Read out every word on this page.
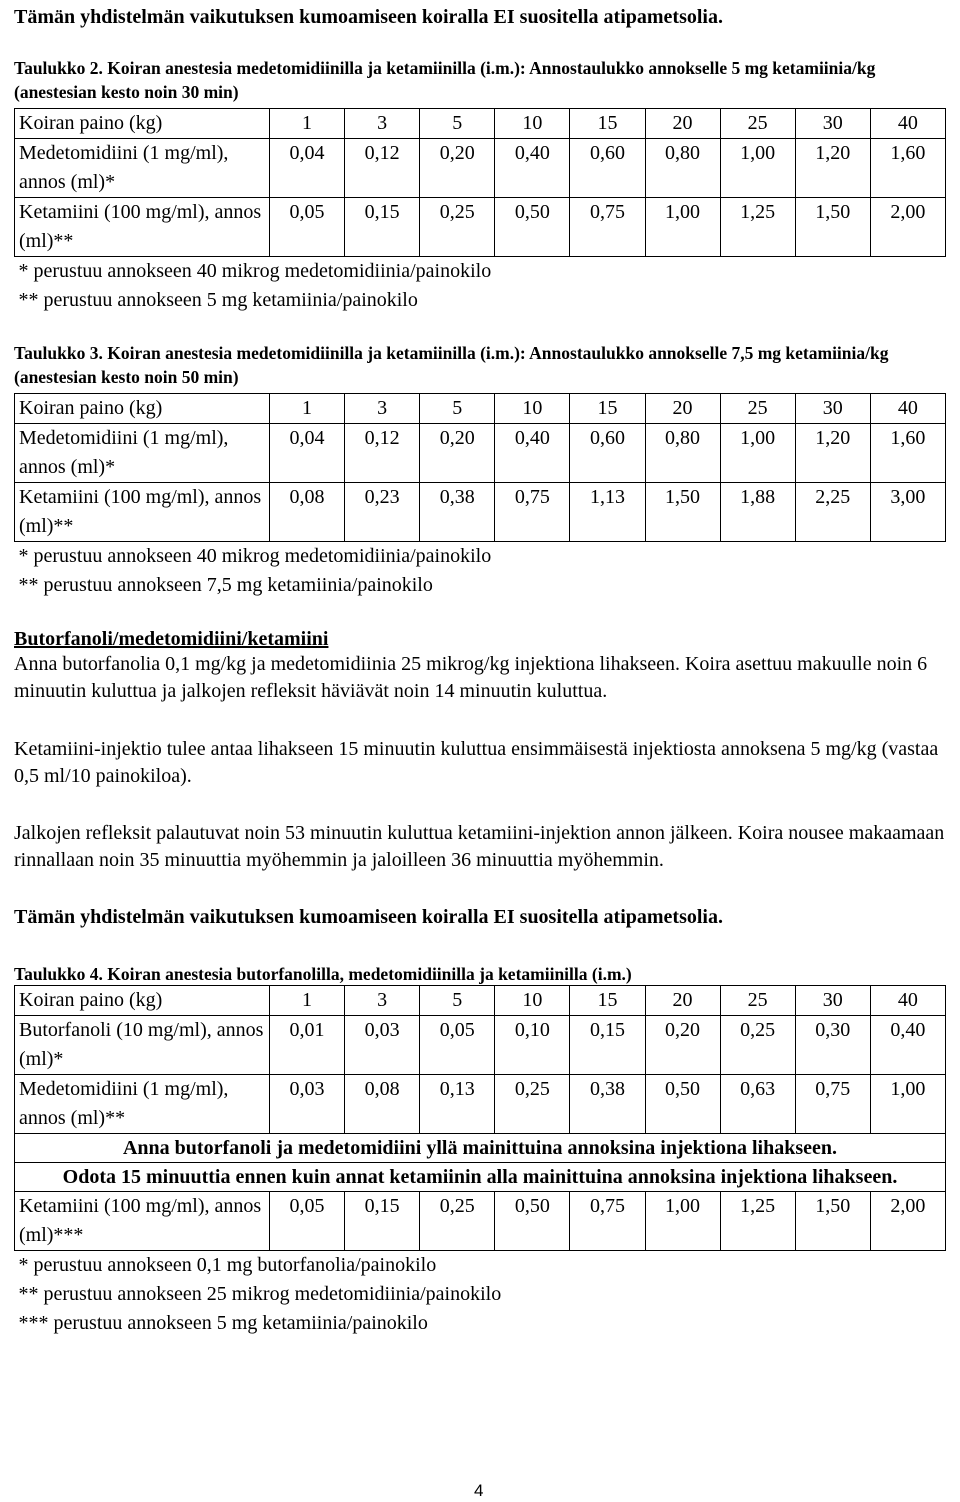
Tämän yhdistelmän vaikutuksen kumoamiseen koiralla EI suositella atipametsolia.
Taulukko 2. Koiran anestesia medetomidiinilla ja ketamiinilla (i.m.): Annostaulukko annokselle 5 mg ketamiinia/kg (anestesian kesto noin 30 min)
Koiran paino (kg)	1	3	5	10	15	20	25	30	40
Medetomidiini (1 mg/ml), annos (ml)*	0,04	0,12	0,20	0,40	0,60	0,80	1,00	1,20	1,60
Ketamiini (100 mg/ml), annos (ml)**	0,05	0,15	0,25	0,50	0,75	1,00	1,25	1,50	2,00

* perustuu annokseen 40 mikrog medetomidiinia/painokilo
** perustuu annokseen 5 mg ketamiinia/painokilo									
Taulukko 3. Koiran anestesia medetomidiinilla ja ketamiinilla (i.m.): Annostaulukko annokselle 7,5 mg ketamiinia/kg (anestesian kesto noin 50 min)
Koiran paino (kg)	1	3	5	10	15	20	25	30	40
Medetomidiini (1 mg/ml), annos (ml)*	0,04	0,12	0,20	0,40	0,60	0,80	1,00	1,20	1,60
Ketamiini (100 mg/ml), annos (ml)**	0,08	0,23	0,38	0,75	1,13	1,50	1,88	2,25	3,00

* perustuu annokseen 40 mikrog medetomidiinia/painokilo
** perustuu annokseen 7,5 mg ketamiinia/painokilo									
Butorfanoli/medetomidiini/ketamiini
Anna butorfanolia 0,1 mg/kg ja medetomidiinia 25 mikrog/kg injektiona lihakseen. Koira asettuu makuulle noin 6 minuutin kuluttua ja jalkojen refleksit häviävät noin 14 minuutin kuluttua.
Ketamiini-injektio tulee antaa lihakseen 15 minuutin kuluttua ensimmäisestä injektiosta annoksena 5 mg/kg (vastaa 0,5 ml/10 painokiloa).
Jalkojen refleksit palautuvat noin 53 minuutin kuluttua ketamiini-injektion annon jälkeen. Koira nousee makaamaan rinnallaan noin 35 minuuttia myöhemmin ja jaloilleen 36 minuuttia myöhemmin.
Tämän yhdistelmän vaikutuksen kumoamiseen koiralla EI suositella atipametsolia.
Taulukko 4. Koiran anestesia butorfanolilla, medetomidiinilla ja ketamiinilla (i.m.)
Koiran paino (kg)	1	3	5	10	15	20	25	30	40
Butorfanoli (10 mg/ml), annos (ml)*	0,01	0,03	0,05	0,10	0,15	0,20	0,25	0,30	0,40
Medetomidiini (1 mg/ml), annos (ml)**	0,03	0,08	0,13	0,25	0,38	0,50	0,63	0,75	1,00
Anna butorfanoli ja medetomidiini yllä mainittuina annoksina injektiona lihakseen.									
Odota 15 minuuttia ennen kuin annat ketamiinin alla mainittuina annoksina injektiona lihakseen.									
Ketamiini (100 mg/ml), annos (ml)***	0,05	0,15	0,25	0,50	0,75	1,00	1,25	1,50	2,00

* perustuu annokseen 0,1 mg butorfanolia/painokilo
** perustuu annokseen 25 mikrog medetomidiinia/painokilo
*** perustuu annokseen 5 mg ketamiinia/painokilo									
4
